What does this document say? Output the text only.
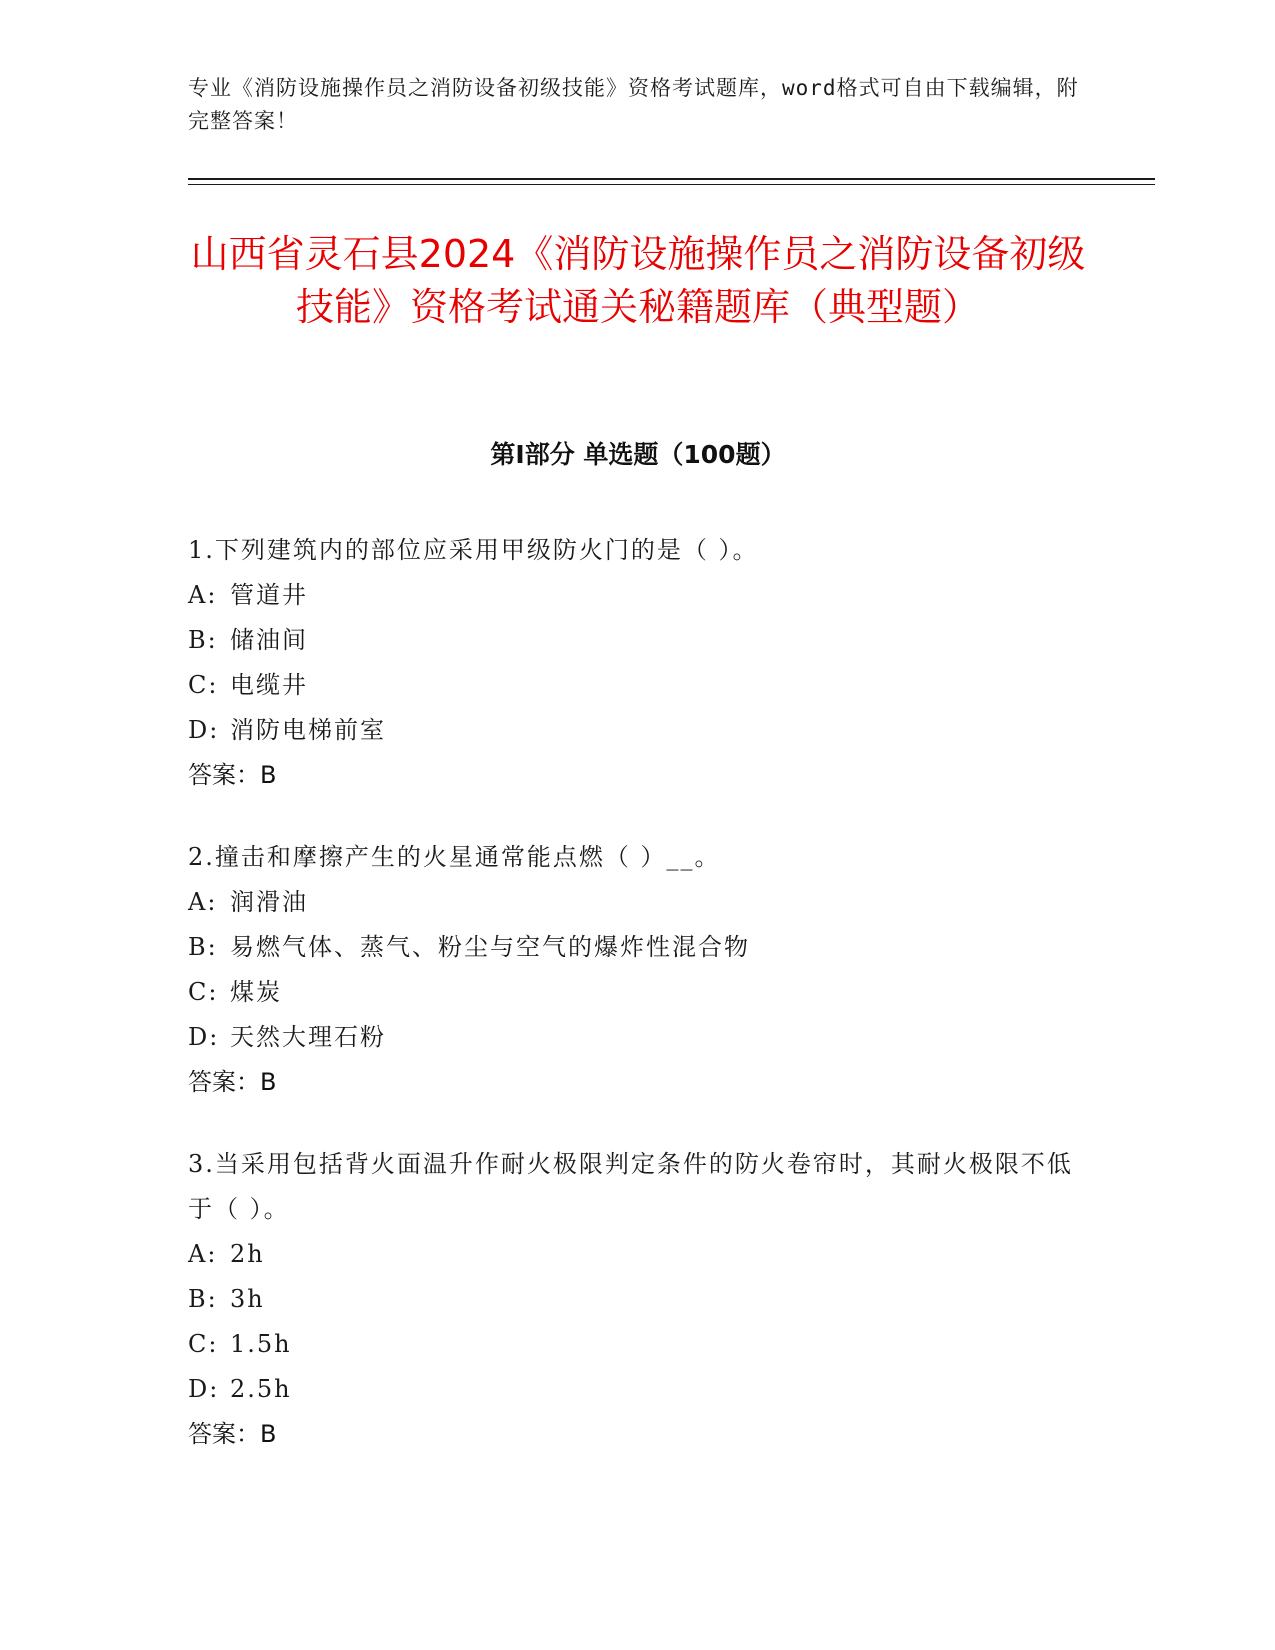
专业《消防设施操作员之消防设备初级技能》资格考试题库，word格式可自由下载编辑，附完整答案！
山西省灵石县2024《消防设施操作员之消防设备初级技能》资格考试通关秘籍题库（典型题）
第I部分 单选题（100题）
1.下列建筑内的部位应采用甲级防火门的是（ ）。
A: 管道井
B: 储油间
C: 电缆井
D: 消防电梯前室
答案：B
2.撞击和摩擦产生的火星通常能点燃（ ）__。
A: 润滑油
B: 易燃气体、蒸气、粉尘与空气的爆炸性混合物
C: 煤炭
D: 天然大理石粉
答案：B
3.当采用包括背火面温升作耐火极限判定条件的防火卷帘时，其耐火极限不低于（ ）。
A: 2h
B: 3h
C: 1.5h
D: 2.5h
答案：B
